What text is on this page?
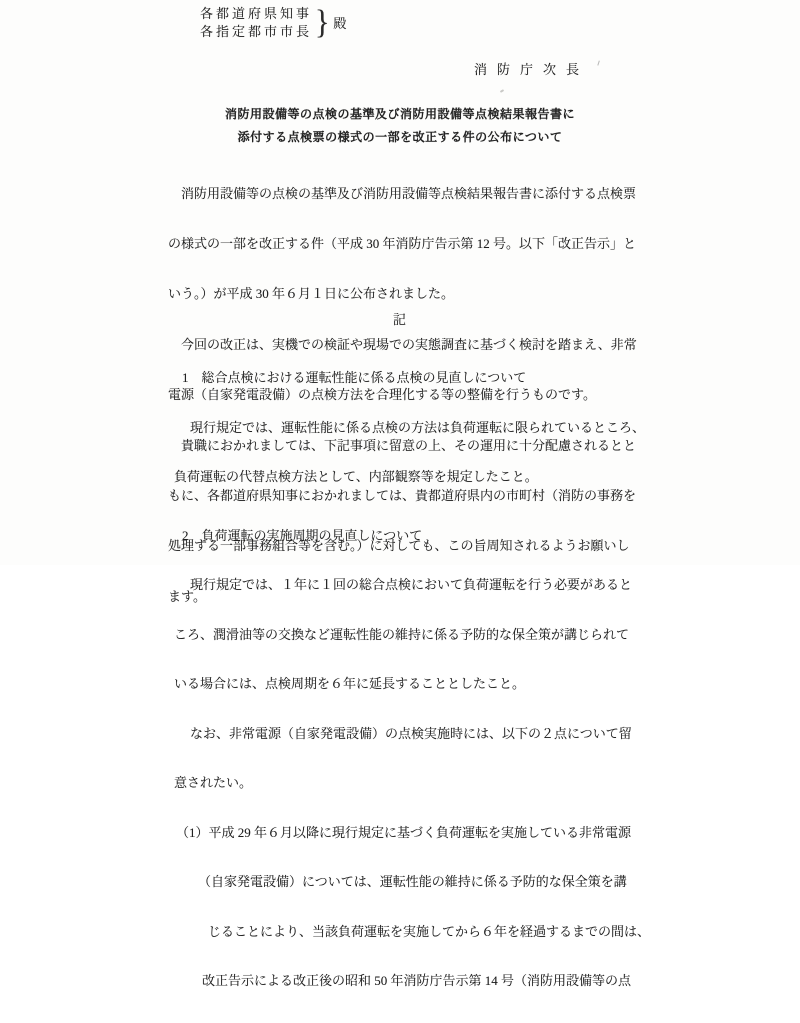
各都道府県知事
各指定都市市長 } 殿
消防庁次長
消防用設備等の点検の基準及び消防用設備等点検結果報告書に
添付する点検票の様式の一部を改正する件の公布について

　消防用設備等の点検の基準及び消防用設備等点検結果報告書に添付する点検票

の様式の一部を改正する件（平成 30 年消防庁告示第 12 号。以下「改正告示」と

いう。）が平成 30 年６月１日に公布されました。

　今回の改正は、実機での検証や現場での実態調査に基づく検討を踏まえ、非常

電源（自家発電設備）の点検方法を合理化する等の整備を行うものです。

　貴職におかれましては、下記事項に留意の上、その運用に十分配慮されるとと

もに、各都道府県知事におかれましては、貴都道府県内の市町村（消防の事務を

処理する一部事務組合等を含む。）に対しても、この旨周知されるようお願いし

ます。

記

1　総合点検における運転性能に係る点検の見直しについて

現行規定では、運転性能に係る点検の方法は負荷運転に限られているところ、

負荷運転の代替点検方法として、内部観察等を規定したこと。

2　負荷運転の実施周期の見直しについて

現行規定では、１年に１回の総合点検において負荷運転を行う必要があると

ころ、潤滑油等の交換など運転性能の維持に係る予防的な保全策が講じられて

いる場合には、点検周期を６年に延長することとしたこと。

なお、非常電源（自家発電設備）の点検実施時には、以下の２点について留

意されたい。

（1）平成 29 年６月以降に現行規定に基づく負荷運転を実施している非常電源

（自家発電設備）については、運転性能の維持に係る予防的な保全策を講

じることにより、当該負荷運転を実施してから６年を経過するまでの間は、

改正告示による改正後の昭和 50 年消防庁告示第 14 号（消防用設備等の点
